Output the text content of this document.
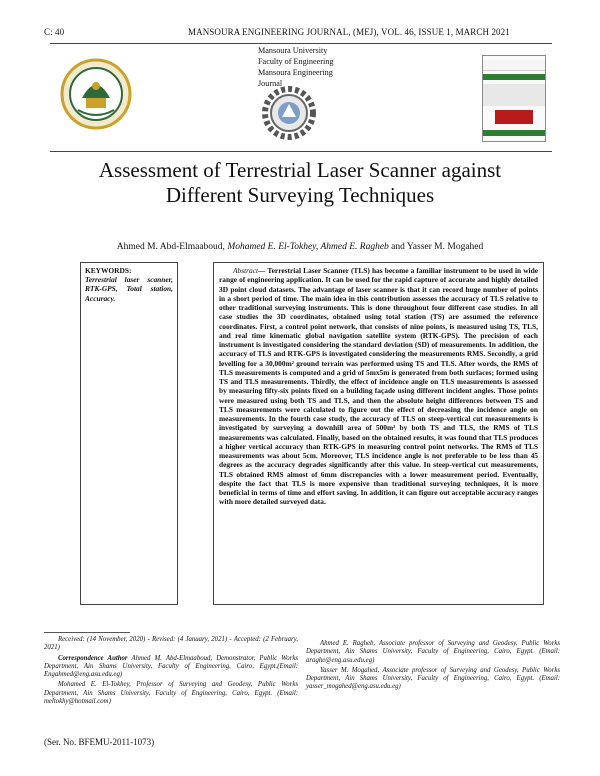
C: 40	MANSOURA ENGINEERING JOURNAL, (MEJ), VOL. 46, ISSUE 1, MARCH 2021
Mansoura University
Faculty of Engineering
Mansoura Engineering Journal
Assessment of Terrestrial Laser Scanner against Different Surveying Techniques
Ahmed M. Abd-Elmaaboud, Mohamed E. El-Tokhey, Ahmed E. Ragheb and Yasser M. Mogahed
KEYWORDS:
Terrestrial laser scanner, RTK-GPS, Total station, Accuracy.
Abstract— Terrestrial Laser Scanner (TLS) has become a familiar instrument to be used in wide range of engineering application. It can be used for the rapid capture of accurate and highly detailed 3D point cloud datasets. The advantage of laser scanner is that it can record huge number of points in a short period of time. The main idea in this contribution assesses the accuracy of TLS relative to other traditional surveying instruments. This is done throughout four different case studies. In all case studies the 3D coordinates, obtained using total station (TS) are assumed the reference coordinates. First, a control point network, that consists of nine points, is measured using TS, TLS, and real time kinematic global navigation satellite system (RTK-GPS). The precision of each instrument is investigated considering the standard deviation (SD) of measurements. In addition, the accuracy of TLS and RTK-GPS is investigated considering the measurements RMS. Secondly, a grid levelling for a 30,000m² ground terrain was performed using TS and TLS. After words, the RMS of TLS measurements is computed and a grid of 5mx5m is generated from both surfaces; formed using TS and TLS measurements. Thirdly, the effect of incidence angle on TLS measurements is assessed by measuring fifty-six points fixed on a building façade using different incident angles. Those points were measured using both TS and TLS, and then the absolute height differences between TS and TLS measurements were calculated to figure out the effect of decreasing the incidence angle on measurements. In the fourth case study, the accuracy of TLS on steep-vertical cut measurements is investigated by surveying a downhill area of 500m² by both TS and TLS, the RMS of TLS measurements was calculated. Finally, based on the obtained results, it was found that TLS produces a higher vertical accuracy than RTK-GPS in measuring control point networks. The RMS of TLS measurements was about 5cm. Moreover, TLS incidence angle is not preferable to be less than 45 degrees as the accuracy degrades significantly after this value. In steep-vertical cut measurements, TLS obtained RMS almost of 6mm discrepancies with a lower measurement period. Eventually, despite the fact that TLS is more expensive than traditional surveying techniques, it is more beneficial in terms of time and effort saving. In addition, it can figure out acceptable accuracy ranges with more detailed surveyed data.

Received: (14 November, 2020) - Revised: (4 January, 2021) - Accepted: (2 February, 2021)

Correspondence Author Ahmed M. Abd-Elmaaboud, Demonstrator, Public Works Department, Ain Shams University, Faculty of Engineering, Cairo, Egypt.(Email: Engahmed@eng.asu.edu.eg)

Mohamed E. El-Tokhey, Professor of Surveying and Geodesy, Public Works Department, Ain Shams University, Faculty of Engineering, Cairo, Egypt. (Email: meltokhy@hotmail.com)

Ahmed E. Ragheb, Associate professor of Surveying and Geodesy, Public Works Department, Ain Shams University, Faculty of Engineering, Cairo, Egypt. (Email: araghe@eng.asu.edu.eg)

Yasser M. Mogahed, Associate professor of Surveying and Geodesy, Public Works Department, Ain Shams University, Faculty of Engineering, Cairo, Egypt. (Email: yasser_mogahed@eng.asu.edu.eg)

(Ser. No. BFEMU-2011-1073)
